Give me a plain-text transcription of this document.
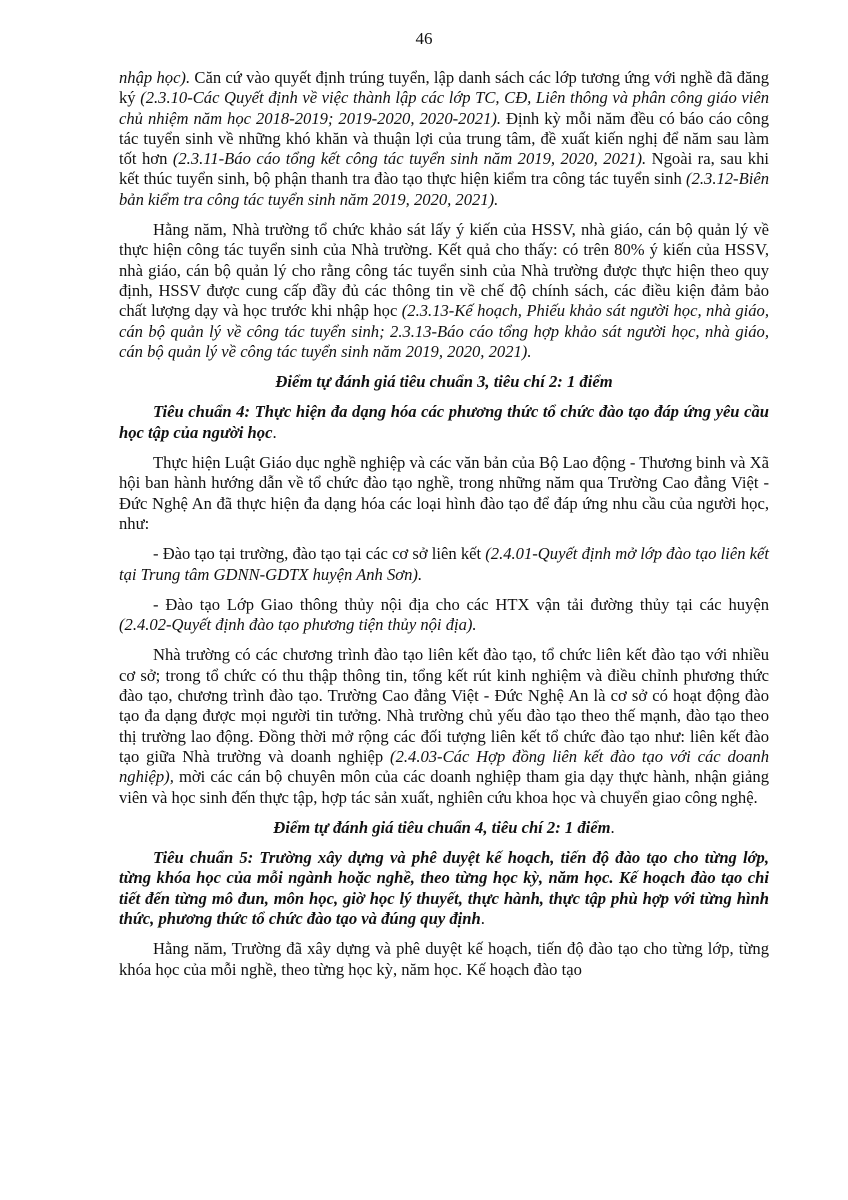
46

nhập học). Căn cứ vào quyết định trúng tuyển, lập danh sách các lớp tương ứng với nghề đã đăng ký (2.3.10-Các Quyết định về việc thành lập các lớp TC, CĐ, Liên thông và phân công giáo viên chủ nhiệm năm học 2018-2019; 2019-2020, 2020-2021). Định kỳ mỗi năm đều có báo cáo công tác tuyển sinh về những khó khăn và thuận lợi của trung tâm, đề xuất kiến nghị để năm sau làm tốt hơn (2.3.11-Báo cáo tổng kết công tác tuyển sinh năm 2019, 2020, 2021). Ngoài ra, sau khi kết thúc tuyển sinh, bộ phận thanh tra đào tạo thực hiện kiểm tra công tác tuyển sinh (2.3.12-Biên bản kiểm tra công tác tuyển sinh năm 2019, 2020, 2021).

Hằng năm, Nhà trường tổ chức khảo sát lấy ý kiến của HSSV, nhà giáo, cán bộ quản lý về thực hiện công tác tuyển sinh của Nhà trường. Kết quả cho thấy: có trên 80% ý kiến của HSSV, nhà giáo, cán bộ quản lý cho rằng công tác tuyển sinh của Nhà trường được thực hiện theo quy định, HSSV được cung cấp đầy đủ các thông tin về chế độ chính sách, các điều kiện đảm bảo chất lượng dạy và học trước khi nhập học (2.3.13-Kế hoạch, Phiếu khảo sát người học, nhà giáo, cán bộ quản lý về công tác tuyển sinh; 2.3.13-Báo cáo tổng hợp khảo sát người học, nhà giáo, cán bộ quản lý về công tác tuyển sinh năm 2019, 2020, 2021).

Điểm tự đánh giá tiêu chuẩn 3, tiêu chí 2: 1 điểm

Tiêu chuẩn 4: Thực hiện đa dạng hóa các phương thức tổ chức đào tạo đáp ứng yêu cầu học tập của người học.

Thực hiện Luật Giáo dục nghề nghiệp và các văn bản của Bộ Lao động - Thương binh và Xã hội ban hành hướng dẫn về tổ chức đào tạo nghề, trong những năm qua Trường Cao đẳng Việt - Đức Nghệ An đã thực hiện đa dạng hóa các loại hình đào tạo để đáp ứng nhu cầu của người học, như:

- Đào tạo tại trường, đào tạo tại các cơ sở liên kết (2.4.01-Quyết định mở lớp đào tạo liên kết tại Trung tâm GDNN-GDTX huyện Anh Sơn).

- Đào tạo Lớp Giao thông thủy nội địa cho các HTX vận tải đường thủy tại các huyện (2.4.02-Quyết định đào tạo phương tiện thủy nội địa).

Nhà trường có các chương trình đào tạo liên kết đào tạo, tổ chức liên kết đào tạo với nhiều cơ sở; trong tổ chức có thu thập thông tin, tổng kết rút kinh nghiệm và điều chỉnh phương thức đào tạo, chương trình đào tạo. Trường Cao đẳng Việt - Đức Nghệ An là cơ sở có hoạt động đào tạo đa dạng được mọi người tin tưởng. Nhà trường chủ yếu đào tạo theo thế mạnh, đào tạo theo thị trường lao động. Đồng thời mở rộng các đối tượng liên kết tổ chức đào tạo như: liên kết đào tạo giữa Nhà trường và doanh nghiệp (2.4.03-Các Hợp đồng liên kết đào tạo với các doanh nghiệp), mời các cán bộ chuyên môn của các doanh nghiệp tham gia dạy thực hành, nhận giảng viên và học sinh đến thực tập, hợp tác sản xuất, nghiên cứu khoa học và chuyển giao công nghệ.

Điểm tự đánh giá tiêu chuẩn 4, tiêu chí 2: 1 điểm.

Tiêu chuẩn 5: Trường xây dựng và phê duyệt kế hoạch, tiến độ đào tạo cho từng lớp, từng khóa học của mỗi ngành hoặc nghề, theo từng học kỳ, năm học. Kế hoạch đào tạo chi tiết đến từng mô đun, môn học, giờ học lý thuyết, thực hành, thực tập phù hợp với từng hình thức, phương thức tổ chức đào tạo và đúng quy định.

Hằng năm, Trường đã xây dựng và phê duyệt kế hoạch, tiến độ đào tạo cho từng lớp, từng khóa học của mỗi nghề, theo từng học kỳ, năm học. Kế hoạch đào tạo
